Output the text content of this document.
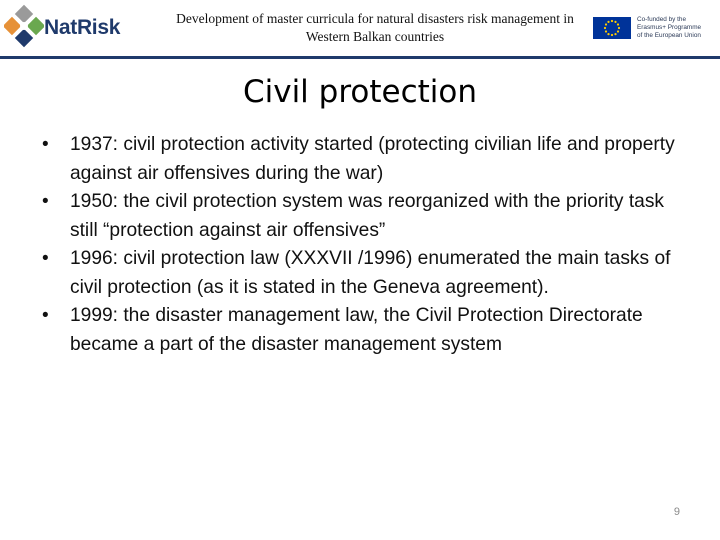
NatRisk	Development of master curricula for natural disasters risk management in
Western Balkan countries
Co-funded by the
Erasmus+ Programme
of the European Union
Civil protection
•	1937: civil protection activity started (protecting civilian life and property against air offensives during the war)
•	1950: the civil protection system was reorganized with the priority task still “protection against air offensives”
•	1996: civil protection law (XXXVII /1996) enumerated the main tasks of civil protection (as it is stated in the Geneva agreement).
•	1999: the disaster management law, the Civil Protection Directorate became a part of the disaster management system
9
